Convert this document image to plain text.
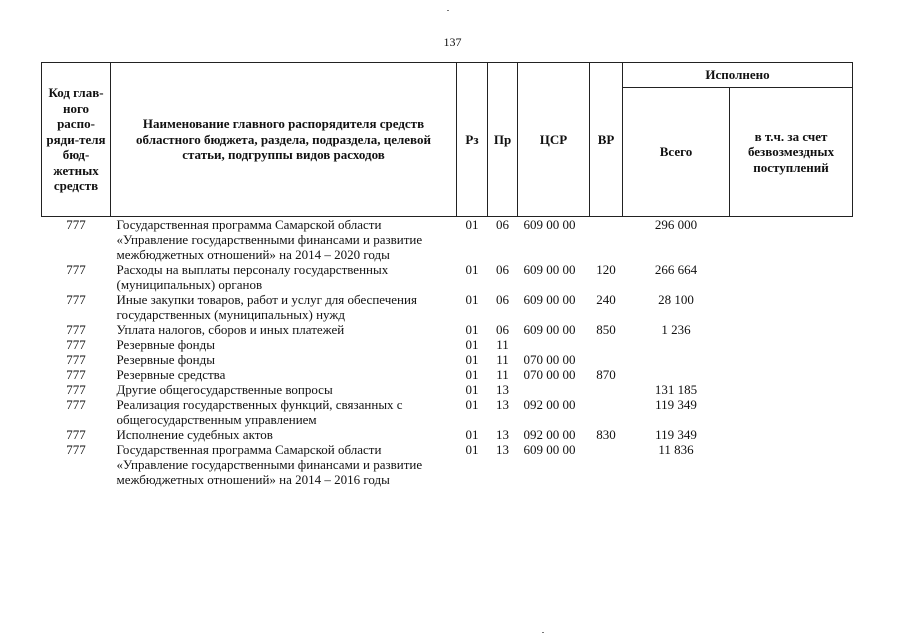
137
Код глав-ного распо-ряди-теля бюд-жетных средств	Наименование главного распорядителя средств областного бюджета, раздела, подраздела, целевой статьи, подгруппы видов расходов	Рз	Пр	ЦСР	ВР	Исполнено	
						Всего	в т.ч. за счет безвозмездных поступлений
777	Государственная программа Самарской области «Управление государственными финансами и развитие межбюджетных отношений» на 2014 – 2020 годы	01	06	609 00 00		296 000	
777	Расходы на выплаты персоналу государственных (муниципальных) органов	01	06	609 00 00	120	266 664	
777	Иные закупки товаров, работ и услуг для обеспечения государственных (муниципальных) нужд	01	06	609 00 00	240	28 100	
777	Уплата налогов, сборов и иных платежей	01	06	609 00 00	850	1 236	
777	Резервные фонды	01	11				
777	Резервные фонды	01	11	070 00 00			
777	Резервные средства	01	11	070 00 00	870		
777	Другие общегосударственные вопросы	01	13			131 185	
777	Реализация государственных функций, связанных с общегосударственным управлением	01	13	092 00 00		119 349	
777	Исполнение судебных актов	01	13	092 00 00	830	119 349	
777	Государственная программа Самарской области «Управление государственными финансами и развитие межбюджетных отношений» на 2014 – 2016 годы	01	13	609 00 00		11 836	
